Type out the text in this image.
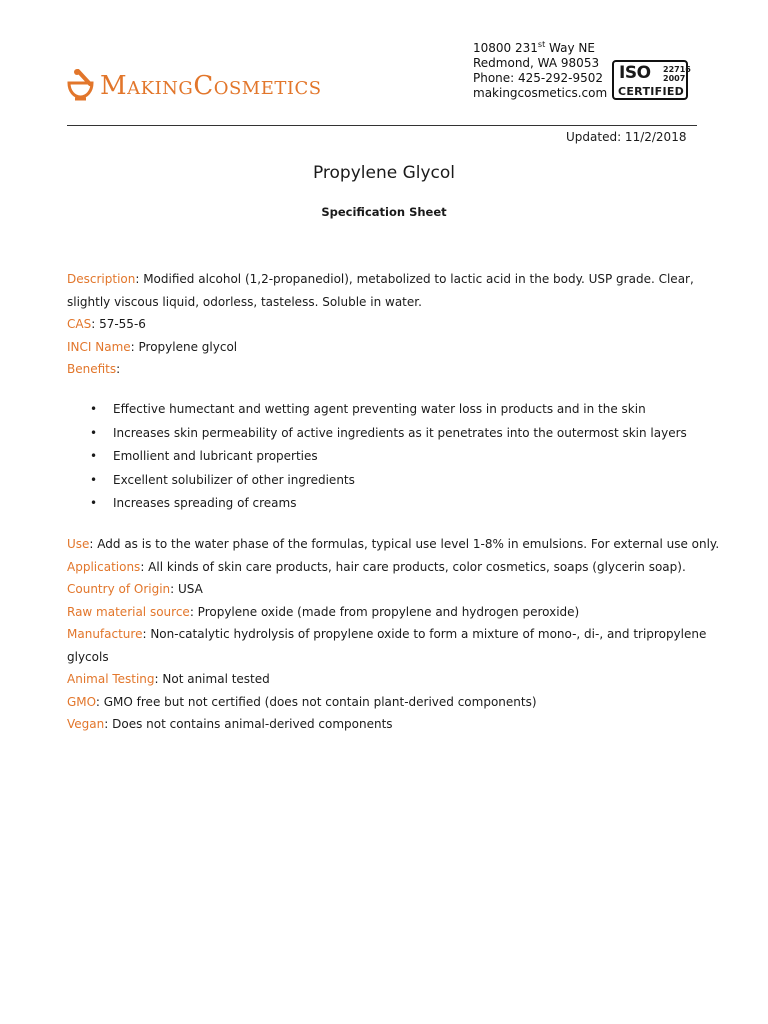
MAKINGCOSMETICS
10800 231st Way NE
Redmond, WA 98053
Phone: 425-292-9502
makingcosmetics.com
ISO 22716
2007
CERTIFIED
Updated: 11/2/2018
Propylene Glycol
Specification Sheet
Description: Modified alcohol (1,2-propanediol), metabolized to lactic acid in the body. USP grade. Clear,
slightly viscous liquid, odorless, tasteless. Soluble in water.
CAS: 57-55-6
INCI Name: Propylene glycol
Benefits:
• Effective humectant and wetting agent preventing water loss in products and in the skin
• Increases skin permeability of active ingredients as it penetrates into the outermost skin layers
• Emollient and lubricant properties
• Excellent solubilizer of other ingredients
• Increases spreading of creams
Use: Add as is to the water phase of the formulas, typical use level 1-8% in emulsions. For external use only.
Applications: All kinds of skin care products, hair care products, color cosmetics, soaps (glycerin soap).
Country of Origin: USA
Raw material source: Propylene oxide (made from propylene and hydrogen peroxide)
Manufacture: Non-catalytic hydrolysis of propylene oxide to form a mixture of mono-, di-, and tripropylene
glycols
Animal Testing: Not animal tested
GMO: GMO free but not certified (does not contain plant-derived components)
Vegan: Does not contains animal-derived components
